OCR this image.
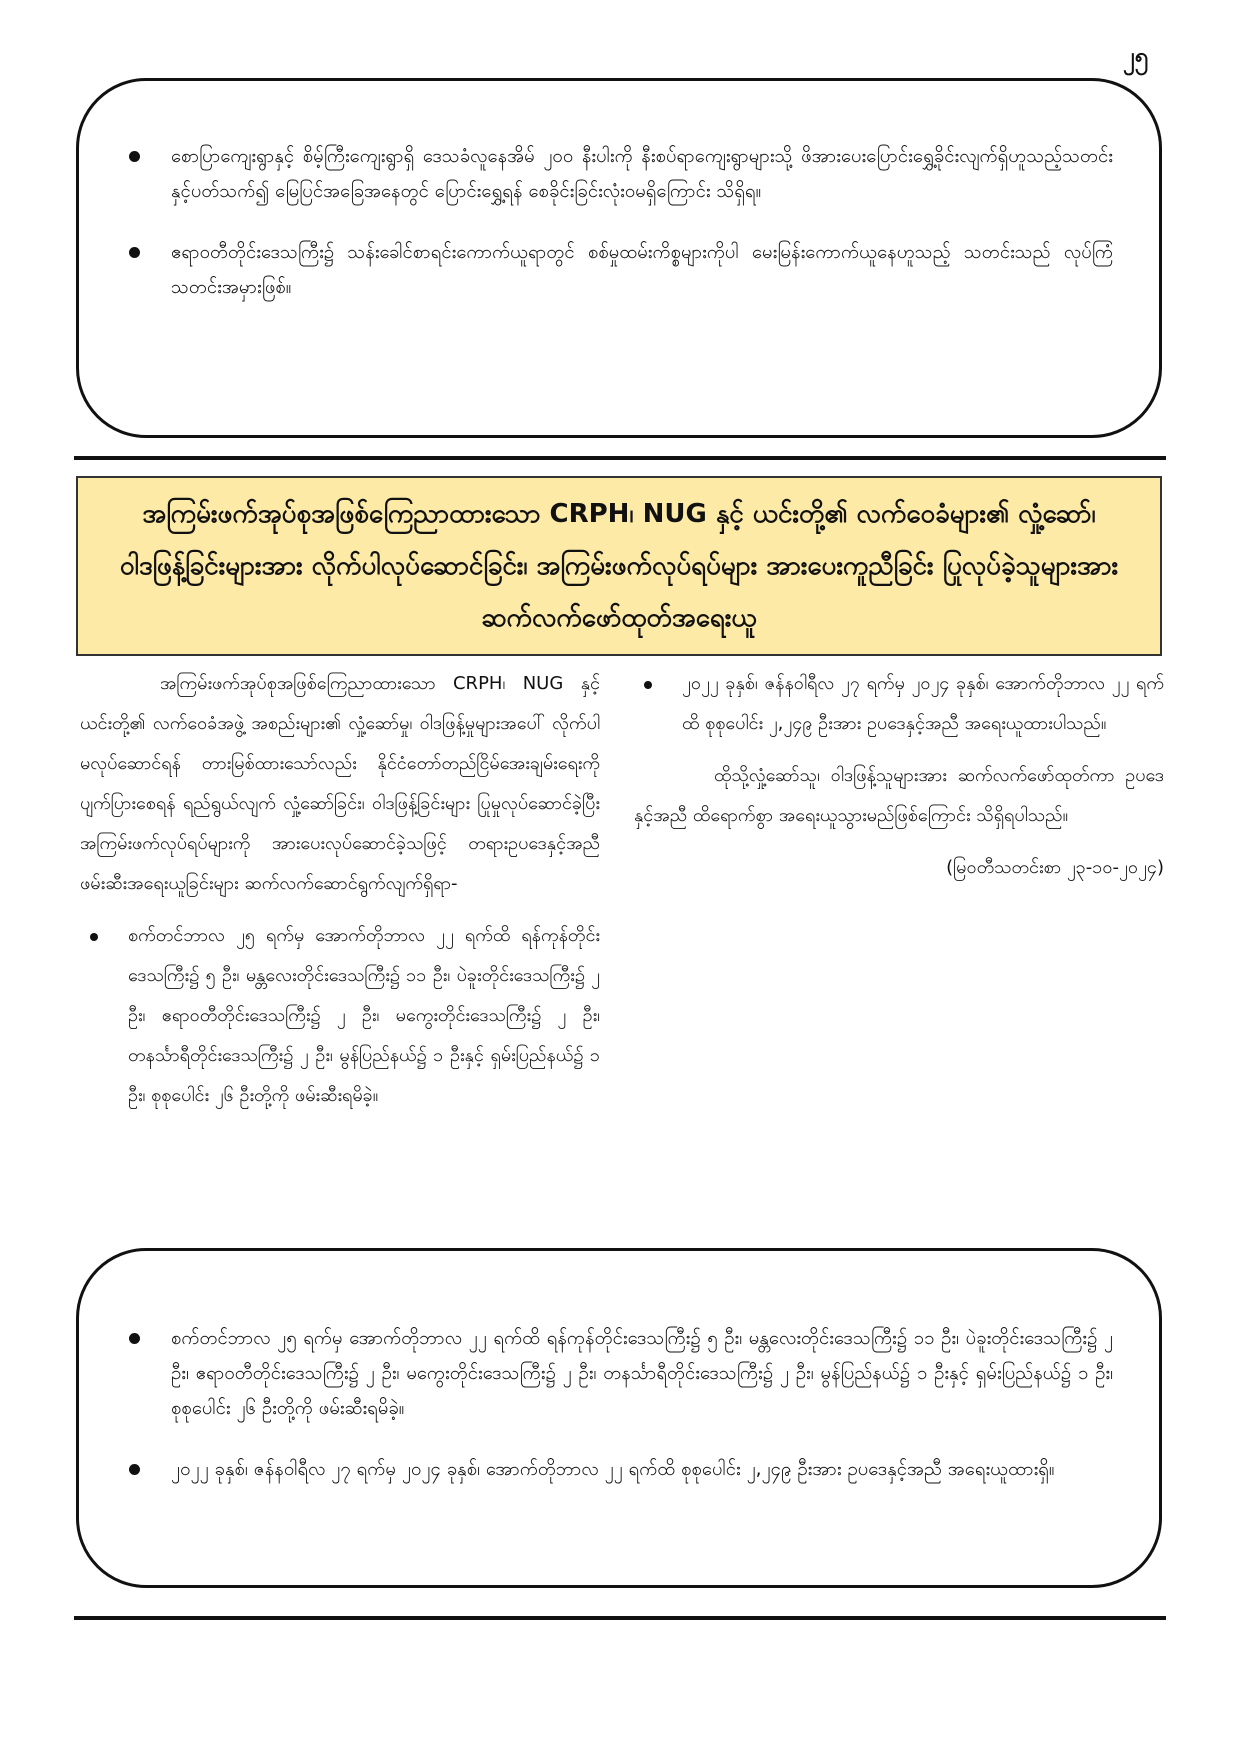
၂၅
စောပြာကျေးရွာနှင့် စိမ့်ကြီးကျေးရွာရှိ ဒေသခံလူနေအိမ် ၂၀၀ နီးပါးကို နီးစပ်ရာကျေးရွာများသို့ ဖိအားပေးပြောင်းရွှေ့ခိုင်းလျက်ရှိဟူသည့်သတင်းနှင့်ပတ်သက်၍ မြေပြင်အခြေအနေတွင် ပြောင်းရွှေ့ရန် စေခိုင်းခြင်းလုံးဝမရှိကြောင်း သိရှိရ။
ဧရာဝတီတိုင်းဒေသကြီး၌ သန်းခေါင်စာရင်းကောက်ယူရာတွင် စစ်မှုထမ်းကိစ္စများကိုပါ မေးမြန်းကောက်ယူနေဟူသည့် သတင်းသည် လုပ်ကြံသတင်းအမှားဖြစ်။
အကြမ်းဖက်အုပ်စုအဖြစ်ကြေညာထားသော CRPH၊ NUG နှင့် ယင်းတို့၏ လက်ဝေခံများ၏ လှုံ့ဆော်၊ ဝါဒဖြန့်ခြင်းများအား လိုက်ပါလုပ်ဆောင်ခြင်း၊ အကြမ်းဖက်လုပ်ရပ်များ အားပေးကူညီခြင်း ပြုလုပ်ခဲ့သူများအား ဆက်လက်ဖော်ထုတ်အရေးယူ

အကြမ်းဖက်အုပ်စုအဖြစ်ကြေညာထားသော CRPH၊ NUG နှင့် ယင်းတို့၏ လက်ဝေခံအဖွဲ့ အစည်းများ၏ လှုံ့ဆော်မှု၊ ဝါဒဖြန့်မှုများအပေါ် လိုက်ပါမလုပ်ဆောင်ရန် တားမြစ်ထားသော်လည်း နိုင်ငံတော်တည်ငြိမ်အေးချမ်းရေးကို ပျက်ပြားစေရန် ရည်ရွယ်လျက် လှုံ့ဆော်ခြင်း၊ ဝါဒဖြန့်ခြင်းများ ပြုမှုလုပ်ဆောင်ခဲ့ပြီး အကြမ်းဖက်လုပ်ရပ်များကို အားပေးလုပ်ဆောင်ခဲ့သဖြင့် တရားဥပဒေနှင့်အညီ ဖမ်းဆီးအရေးယူခြင်းများ ဆက်လက်ဆောင်ရွက်လျက်ရှိရာ-

စက်တင်ဘာလ ၂၅ ရက်မှ အောက်တိုဘာလ ၂၂ ရက်ထိ ရန်ကုန်တိုင်းဒေသကြီး၌ ၅ ဦး၊ မန္တလေးတိုင်းဒေသကြီး၌ ၁၁ ဦး၊ ပဲခူးတိုင်းဒေသကြီး၌ ၂ ဦး၊ ဧရာဝတီတိုင်းဒေသကြီး၌ ၂ ဦး၊ မကွေးတိုင်းဒေသကြီး၌ ၂ ဦး၊ တနင်္သာရီတိုင်းဒေသကြီး၌ ၂ ဦး၊ မွန်ပြည်နယ်၌ ၁ ဦးနှင့် ရှမ်းပြည်နယ်၌ ၁ ဦး၊ စုစုပေါင်း ၂၆ ဦးတို့ကို ဖမ်းဆီးရမိခဲ့။
၂၀၂၂ ခုနှစ်၊ ဇန်နဝါရီလ ၂၇ ရက်မှ ၂၀၂၄ ခုနှစ်၊ အောက်တိုဘာလ ၂၂ ရက်ထိ စုစုပေါင်း ၂,၂၄၉ ဦးအား ဥပဒေနှင့်အညီ အရေးယူထားပါသည်။

ထိုသို့လှုံ့ဆော်သူ၊ ဝါဒဖြန့်သူများအား ဆက်လက်ဖော်ထုတ်ကာ ဥပဒေနှင့်အညီ ထိရောက်စွာ အရေးယူသွားမည်ဖြစ်ကြောင်း သိရှိရပါသည်။

(မြဝတီသတင်းစာ ၂၃-၁၀-၂၀၂၄)

စက်တင်ဘာလ ၂၅ ရက်မှ အောက်တိုဘာလ ၂၂ ရက်ထိ ရန်ကုန်တိုင်းဒေသကြီး၌ ၅ ဦး၊ မန္တလေးတိုင်းဒေသကြီး၌ ၁၁ ဦး၊ ပဲခူးတိုင်းဒေသကြီး၌ ၂ ဦး၊ ဧရာဝတီတိုင်းဒေသကြီး၌ ၂ ဦး၊ မကွေးတိုင်းဒေသကြီး၌ ၂ ဦး၊ တနင်္သာရီတိုင်းဒေသကြီး၌ ၂ ဦး၊ မွန်ပြည်နယ်၌ ၁ ဦးနှင့် ရှမ်းပြည်နယ်၌ ၁ ဦး၊ စုစုပေါင်း ၂၆ ဦးတို့ကို ဖမ်းဆီးရမိခဲ့။
၂၀၂၂ ခုနှစ်၊ ဇန်နဝါရီလ ၂၇ ရက်မှ ၂၀၂၄ ခုနှစ်၊ အောက်တိုဘာလ ၂၂ ရက်ထိ စုစုပေါင်း ၂,၂၄၉ ဦးအား ဥပဒေနှင့်အညီ အရေးယူထားရှိ။
